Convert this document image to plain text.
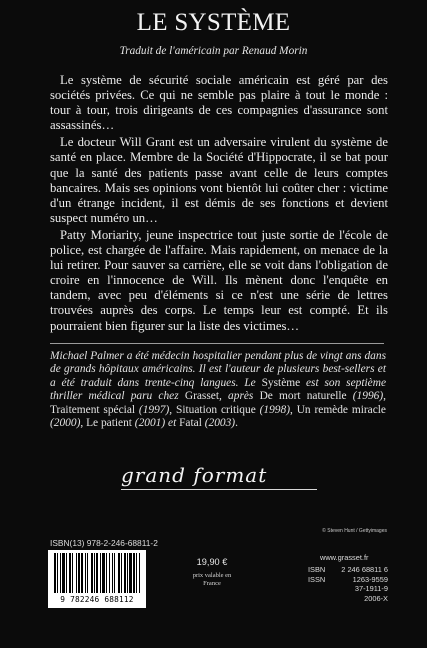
LE SYSTÈME

Traduit de l'américain par Renaud Morin

Le système de sécurité sociale américain est géré par des sociétés privées. Ce qui ne semble pas plaire à tout le monde : tour à tour, trois dirigeants de ces compagnies d'assurance sont assassinés…

Le docteur Will Grant est un adversaire virulent du système de santé en place. Membre de la Société d'Hippocrate, il se bat pour que la santé des patients passe avant celle de leurs comptes bancaires. Mais ses opinions vont bientôt lui coûter cher : victime d'un étrange incident, il est démis de ses fonctions et devient suspect numéro un…

Patty Moriarity, jeune inspectrice tout juste sortie de l'école de police, est chargée de l'affaire. Mais rapidement, on menace de la lui retirer. Pour sauver sa carrière, elle se voit dans l'obligation de croire en l'innocence de Will. Ils mènent donc l'enquête en tandem, avec peu d'éléments si ce n'est une série de lettres trouvées auprès des corps. Le temps leur est compté. Et ils pourraient bien figurer sur la liste des victimes…

Michael Palmer a été médecin hospitalier pendant plus de vingt ans dans de grands hôpitaux américains. Il est l'auteur de plusieurs best-sellers et a été traduit dans trente-cinq langues. Le Système est son septième thriller médical paru chez Grasset, après De mort naturelle (1996), Traitement spécial (1997), Situation critique (1998), Un remède miracle (2000), Le patient (2001) et Fatal (2003).

grand format

© Steven Hunt / Gettyimages

ISBN(13) 978-2-246-68811-2

9 782246 688112

19,90 €

prix valable en France

www.grasset.fr

ISBN 2 246 68811 6
ISSN	1263-9559
37-1911-9
2006-X
